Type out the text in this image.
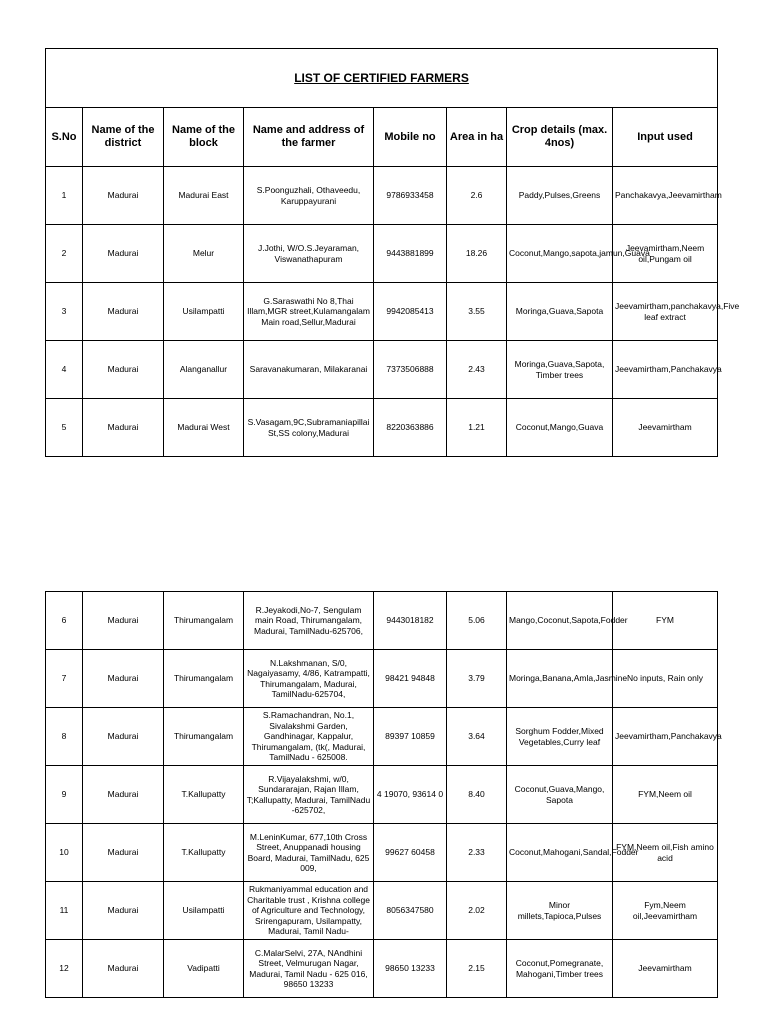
LIST OF CERTIFIED FARMERS							
S.No	Name of the district	Name of the block	Name and address of the farmer	Mobile no	Area in ha	Crop details (max. 4nos)	Input used

1	Madurai	Madurai East	S.Poonguzhali, Othaveedu, Karuppayurani	9786933458	2.6	Paddy,Pulses,Greens	Panchakavya,Jeevamirtham

2	Madurai	Melur	J.Jothi, W/O.S.Jeyaraman, Viswanathapuram	9443881899	18.26	Coconut,Mango,sapota,jamun,Guava	Jeevamirtham,Neem oil,Pungam oil

3	Madurai	Usilampatti	G.Saraswathi No 8,Thai Illam,MGR street,Kulamangalam Main road,Sellur,Madurai	9942085413	3.55	Moringa,Guava,Sapota	Jeevamirtham,panchakavya,Five leaf extract

4	Madurai	Alanganallur	Saravanakumaran, Milakaranai	7373506888	2.43	Moringa,Guava,Sapota, Timber trees	Jeevamirtham,Panchakavya

5	Madurai	Madurai West	S.Vasagam,9C,Subramaniapillai St,SS colony,Madurai	8220363886	1.21	Coconut,Mango,Guava	Jeevamirtham
6	Madurai	Thirumangalam	R.Jeyakodi,No-7, Sengulam main Road, Thirumangalam, Madurai, TamilNadu-625706,	9443018182	5.06	Mango,Coconut,Sapota,Fodder	FYM

7	Madurai	Thirumangalam	N.Lakshmanan, S/0, Nagaiyasamy, 4/86, Katrampatti, Thirumangalam, Madurai, TamilNadu-625704,	98421 94848	3.79	Moringa,Banana,Amla,Jasmine	No inputs, Rain only

8	Madurai	Thirumangalam	S.Ramachandran, No.1, Sivalakshmi Garden, Gandhinagar, Kappalur, Thirumangalam, (tk(, Madurai, TamilNadu - 625008.	89397 10859	3.64	Sorghum Fodder,Mixed Vegetables,Curry leaf	Jeevamirtham,Panchakavya

9	Madurai	T.Kallupatty	R.Vijayalakshmi, w/0, Sundararajan, Rajan Illam, T;Kallupatty, Madurai, TamilNadu -625702,	4 19070, 93614 0	8.40	Coconut,Guava,Mango, Sapota	FYM,Neem oil

10	Madurai	T.Kallupatty	M.LeninKumar, 677,10th Cross Street, Anuppanadi housing Board, Madurai, TamilNadu, 625 009,	99627 60458	2.33	Coconut,Mahogani,Sandal,Fodder	FYM,Neem oil,Fish amino acid

11	Madurai	Usilampatti	Rukmaniyammal education and Charitable trust , Krishna college of Agriculture and Technology, Srirengapuram, Usilampatty, Madurai, Tamil Nadu-	8056347580	2.02	Minor millets,Tapioca,Pulses	Fym,Neem oil,Jeevamirtham

12	Madurai	Vadipatti	C.MalarSelvi, 27A, NAndhini Street, Velmurugan Nagar, Madurai, Tamil Nadu - 625 016, 98650 13233	98650 13233	2.15	Coconut,Pomegranate, Mahogani,Timber trees	Jeevamirtham
